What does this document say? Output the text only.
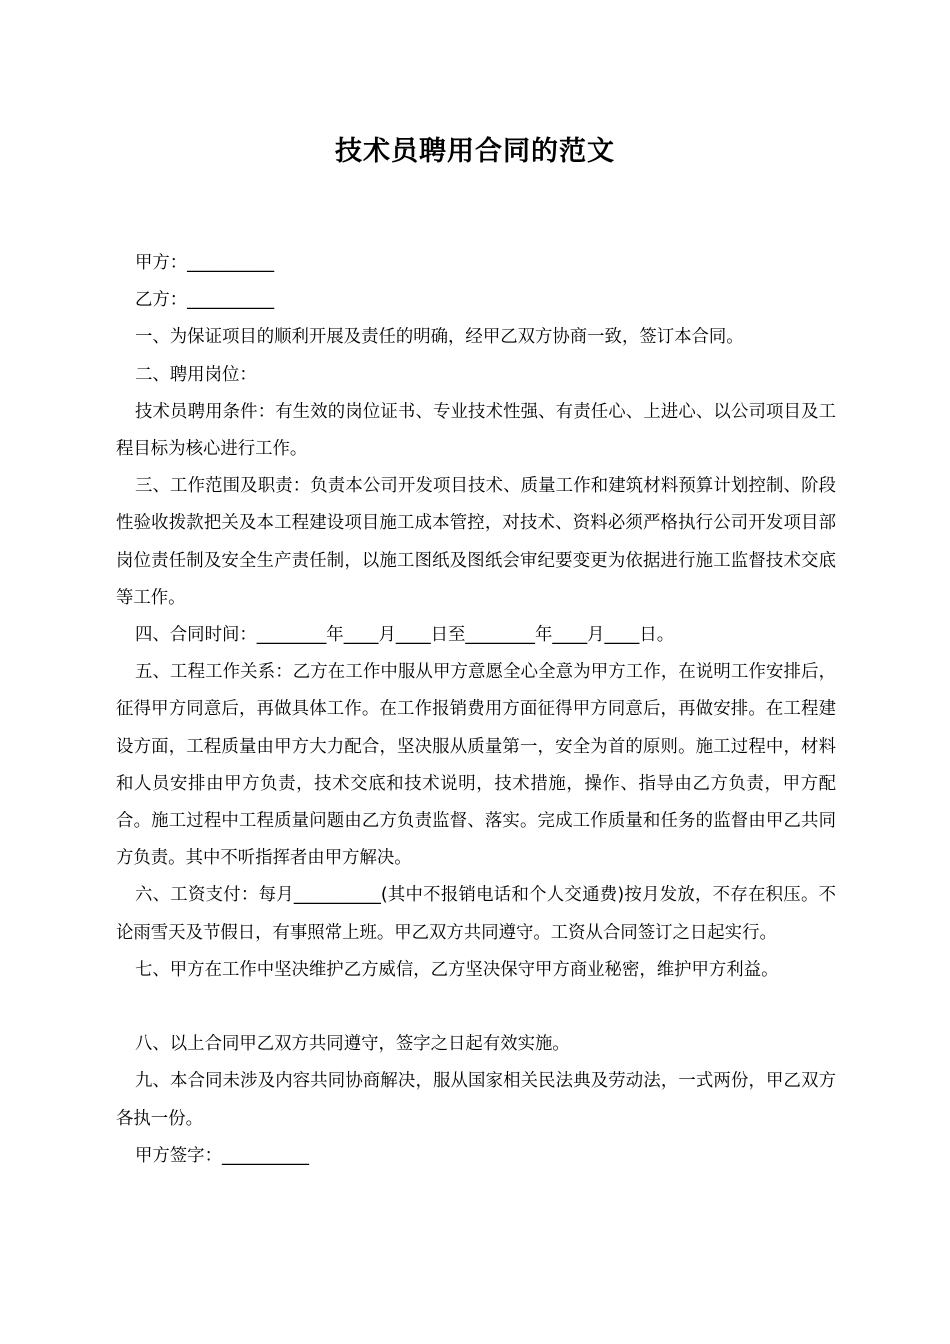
技术员聘用合同的范文

甲方：__________

乙方：__________

一、为保证项目的顺利开展及责任的明确，经甲乙双方协商一致，签订本合同。

二、聘用岗位：

技术员聘用条件：有生效的岗位证书、专业技术性强、有责任心、上进心、以公司项目及工程目标为核心进行工作。

三、工作范围及职责：负责本公司开发项目技术、质量工作和建筑材料预算计划控制、阶段性验收拨款把关及本工程建设项目施工成本管控，对技术、资料必须严格执行公司开发项目部岗位责任制及安全生产责任制，以施工图纸及图纸会审纪要变更为依据进行施工监督技术交底等工作。

四、合同时间：________年____月____日至________年____月____日。

五、工程工作关系：乙方在工作中服从甲方意愿全心全意为甲方工作，在说明工作安排后，征得甲方同意后，再做具体工作。在工作报销费用方面征得甲方同意后，再做安排。在工程建设方面，工程质量由甲方大力配合，坚决服从质量第一，安全为首的原则。施工过程中，材料和人员安排由甲方负责，技术交底和技术说明，技术措施，操作、指导由乙方负责，甲方配合。施工过程中工程质量问题由乙方负责监督、落实。完成工作质量和任务的监督由甲乙共同方负责。其中不听指挥者由甲方解决。

六、工资支付：每月__________(其中不报销电话和个人交通费)按月发放，不存在积压。不论雨雪天及节假日，有事照常上班。甲乙双方共同遵守。工资从合同签订之日起实行。

七、甲方在工作中坚决维护乙方威信，乙方坚决保守甲方商业秘密，维护甲方利益。

八、以上合同甲乙双方共同遵守，签字之日起有效实施。

九、本合同未涉及内容共同协商解决，服从国家相关民法典及劳动法，一式两份，甲乙双方各执一份。

甲方签字：__________
